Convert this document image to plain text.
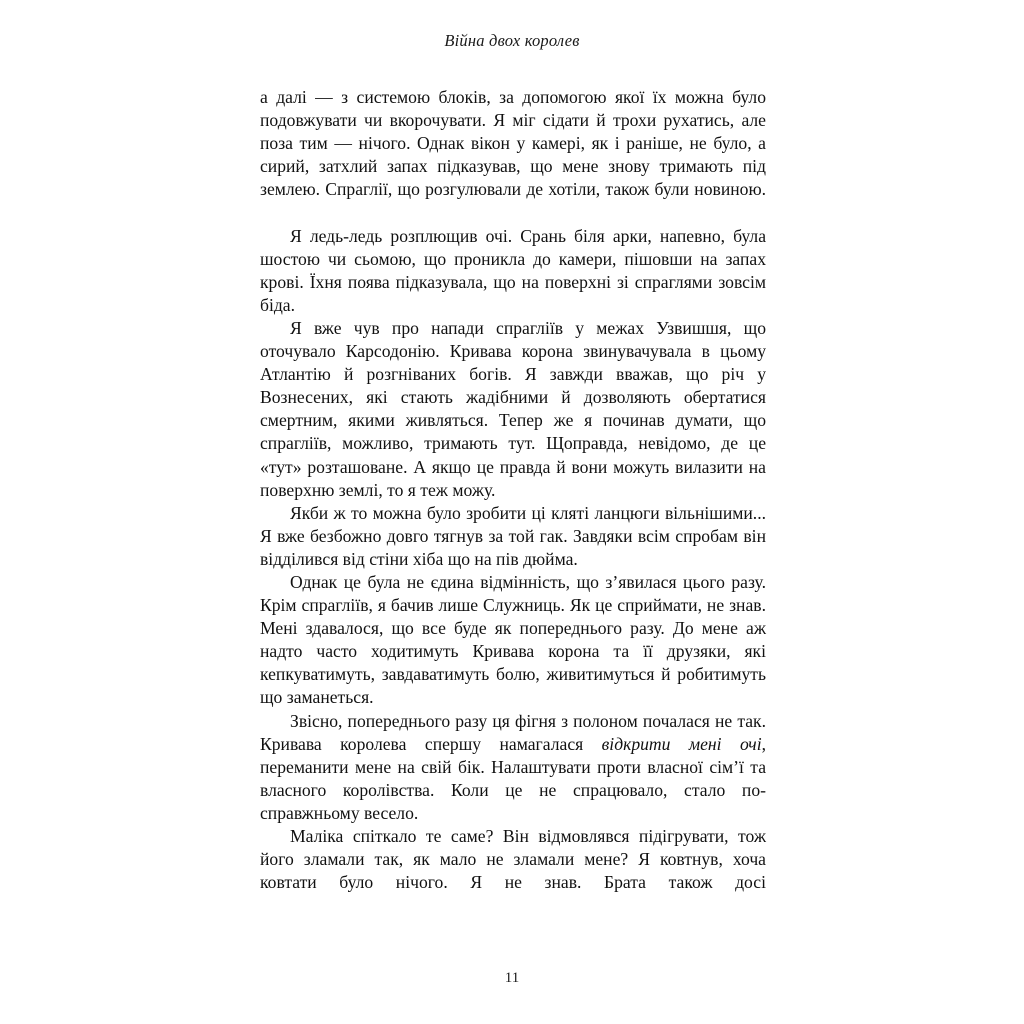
Війна двох королев

а далі — з системою блоків, за допомогою якої їх можна було подовжувати чи вкорочувати. Я міг сідати й трохи рухатись, але поза тим — нічого. Однак вікон у камері, як і раніше, не було, а сирий, затхлий запах підказував, що мене знову тримають під землею. Спраглії, що розгулювали де хотіли, також були новиною.

Я ледь-ледь розплющив очі. Срань біля арки, напевно, була шостою чи сьомою, що проникла до камери, пішовши на запах крові. Їхня поява підказувала, що на поверхні зі спраглями зовсім біда.

Я вже чув про напади спрагліїв у межах Узвишшя, що оточувало Карсодонію. Кривава корона звинувачувала в цьому Атлантію й розгніваних богів. Я завжди вважав, що річ у Вознесених, які стають жадібними й дозволяють обертатися смертним, якими живляться. Тепер же я починав думати, що спрагліїв, можливо, тримають тут. Щоправда, невідомо, де це «тут» розташоване. А якщо це правда й вони можуть вилазити на поверхню землі, то я теж можу.

Якби ж то можна було зробити ці кляті ланцюги вільнішими... Я вже безбожно довго тягнув за той гак. Завдяки всім спробам він відділився від стіни хіба що на пів дюйма.

Однак це була не єдина відмінність, що з’явилася цього разу. Крім спрагліїв, я бачив лише Служниць. Як це сприймати, не знав. Мені здавалося, що все буде як попереднього разу. До мене аж надто часто ходитимуть Кривава корона та її друзяки, які кепкуватимуть, завдаватимуть болю, живитимуться й робитимуть що заманеться.

Звісно, попереднього разу ця фігня з полоном почалася не так. Кривава королева спершу намагалася відкрити мені очі, переманити мене на свій бік. Налаштувати проти власної сім’ї та власного королівства. Коли це не спрацювало, стало по-справжньому весело.

Маліка спіткало те саме? Він відмовлявся підігрувати, тож його зламали так, як мало не зламали мене? Я ковтнув, хоча ковтати було нічого. Я не знав. Брата також досі

11
